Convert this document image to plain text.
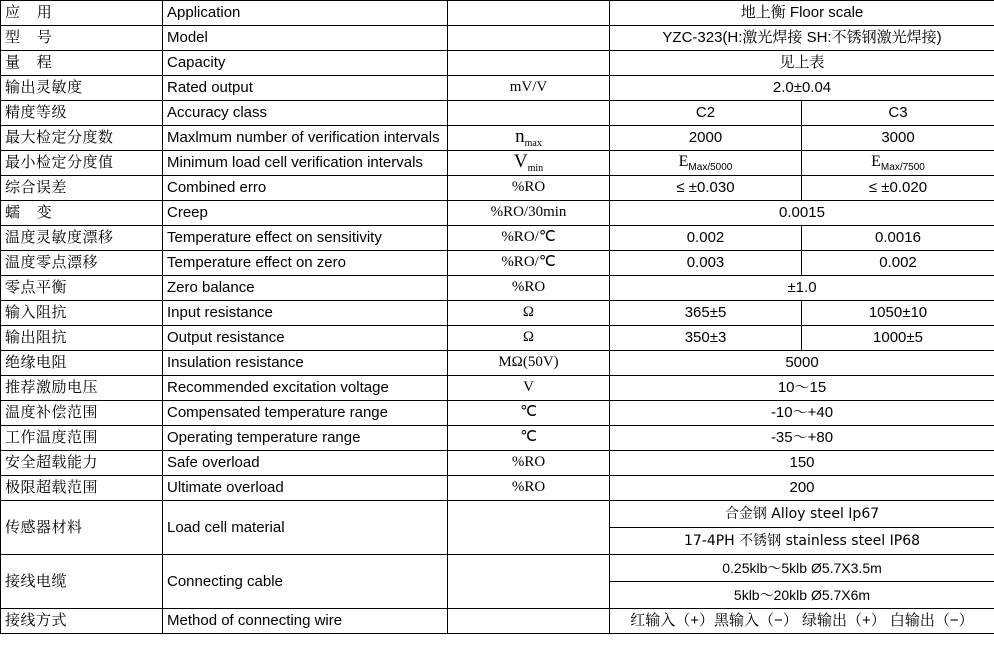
应 用	Application		地上衡 Floor scale	
型 号	Model		YZC-323(H:激光焊接 SH:不锈钢激光焊接)	
量 程	Capacity		见上表	
输出灵敏度	Rated output	mV/V	2.0±0.04	
精度等级	Accuracy class		C2	C3
最大检定分度数	Maxlmum number of verification intervals	$n_{max}$	2000	3000
最小检定分度值	Minimum load cell verification intervals	$V_{min}$	$E_{Max/5000}$	$E_{Max/7500}$
综合误差	Combined erro	%RO	≤ ±0.030	≤ ±0.020
蠕 变	Creep	%RO/30min	0.0015	
温度灵敏度漂移	Temperature effect on sensitivity	%RO/℃	0.002	0.0016
温度零点漂移	Temperature effect on zero	%RO/℃	0.003	0.002
零点平衡	Zero balance	%RO	±1.0	
输入阻抗	Input resistance	Ω	365±5	1050±10
输出阻抗	Output resistance	Ω	350±3	1000±5
绝缘电阻	Insulation resistance	MΩ(50V)	5000	
推荐激励电压	Recommended excitation voltage	V	10～15	
温度补偿范围	Compensated temperature range	℃	-10～+40	
工作温度范围	Operating temperature range	℃	-35～+80	
安全超载能力	Safe overload	%RO	150	
极限超载范围	Ultimate overload	%RO	200	
传感器材料	Load cell material		合金钢 Alloy steel Ip67
17-4PH 不锈钢 stainless steel IP68	

接线电缆	Connecting cable		0.25klb～5klb Ø5.7X3.5m
5klb～20klb Ø5.7X6m	

接线方式	Method of connecting wire		红输入（+）黑输入（−） 绿输出（+） 白输出（−）	
